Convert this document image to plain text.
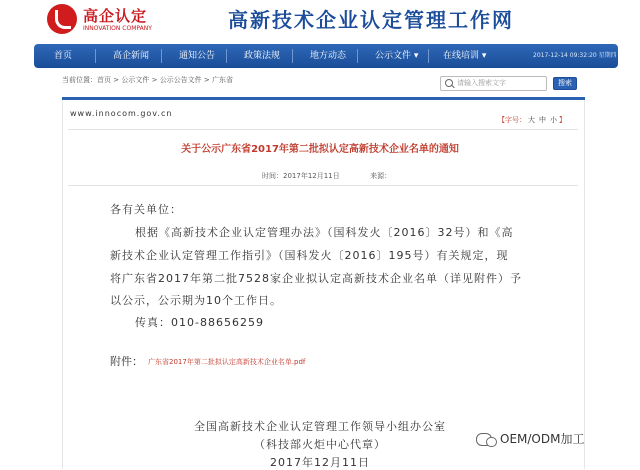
高企认定
INNOVATION COMPANY	高新技术企业认定管理工作网
首页	高企新闻	通知公告	政策法规	地方动态	公示文件 ▾	在线培训 ▾	2017-12-14 09:32:20 星期四
当前位置：首页 > 公示文件 > 公示公告文件 > 广东省	请输入搜索文字	搜索
www.innocom.gov.cn
【字号： 大 中 小 】
关于公示广东省2017年第二批拟认定高新技术企业名单的通知
时间：2017年12月11日	来源：
各有关单位：
根据《高新技术企业认定管理办法》（国科发火〔2016〕32号）和《高
新技术企业认定管理工作指引》（国科发火〔2016〕195号）有关规定，现
将广东省2017年第二批7528家企业拟认定高新技术企业名单（详见附件）予
以公示，公示期为10个工作日。
传真：010-88656259
附件： 广东省2017年第二批拟认定高新技术企业名单.pdf
全国高新技术企业认定管理工作领导小组办公室
（科技部火炬中心代章）
2017年12月11日
OEM/ODM加工
